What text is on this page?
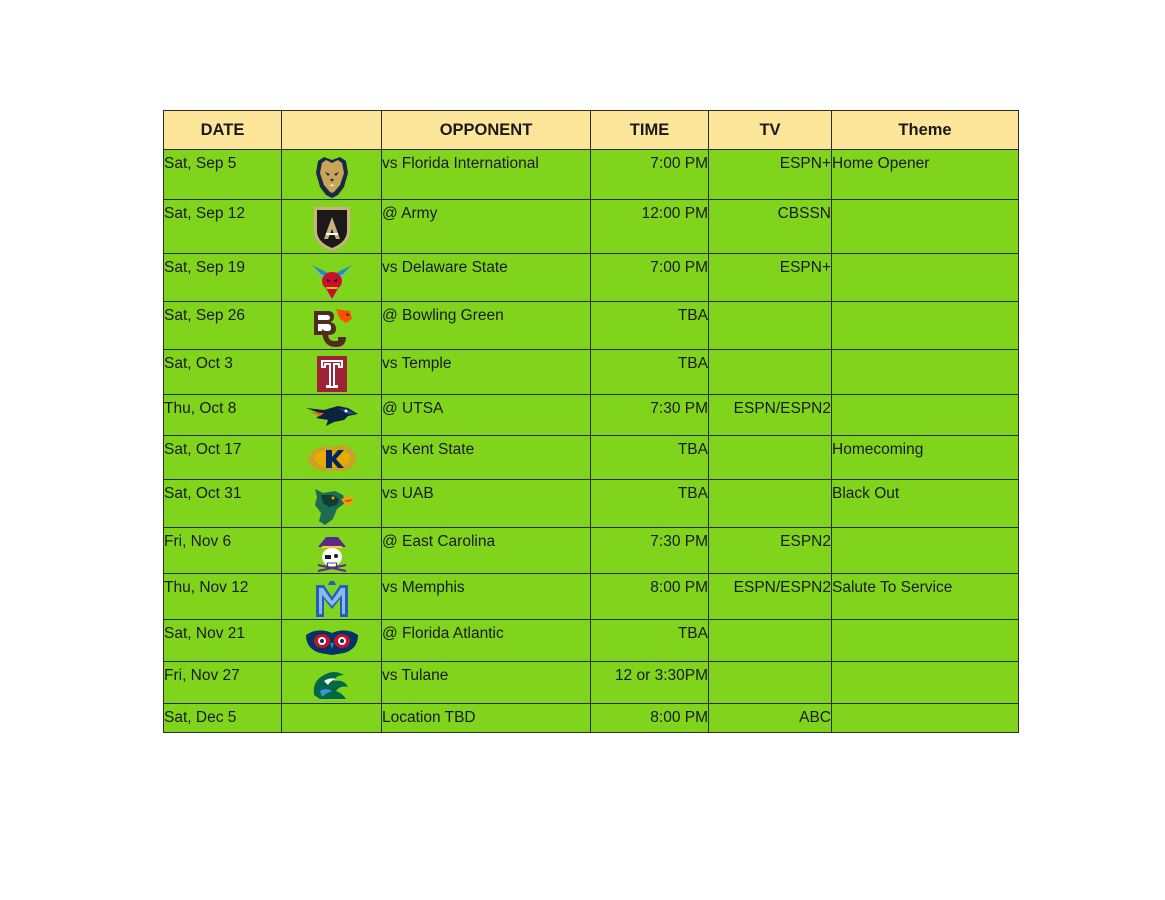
DATE		OPPONENT	TIME	TV	Theme
Sat, Sep 5		vs Florida International	7:00 PM	ESPN+	Home Opener
Sat, Sep 12		@ Army	12:00 PM	CBSSN	
Sat, Sep 19		vs Delaware State	7:00 PM	ESPN+	
Sat, Sep 26		@ Bowling Green	TBA		
Sat, Oct 3		vs Temple	TBA		
Thu, Oct 8		@ UTSA	7:30 PM	ESPN/ESPN2	
Sat, Oct 17		vs Kent State	TBA		Homecoming
Sat, Oct 31		vs UAB	TBA		Black Out
Fri, Nov 6		@ East Carolina	7:30 PM	ESPN2	
Thu, Nov 12		vs Memphis	8:00 PM	ESPN/ESPN2	Salute To Service
Sat, Nov 21		@ Florida Atlantic	TBA		
Fri, Nov 27		vs Tulane	12 or 3:30PM		
Sat, Dec 5		Location TBD	8:00 PM	ABC	
